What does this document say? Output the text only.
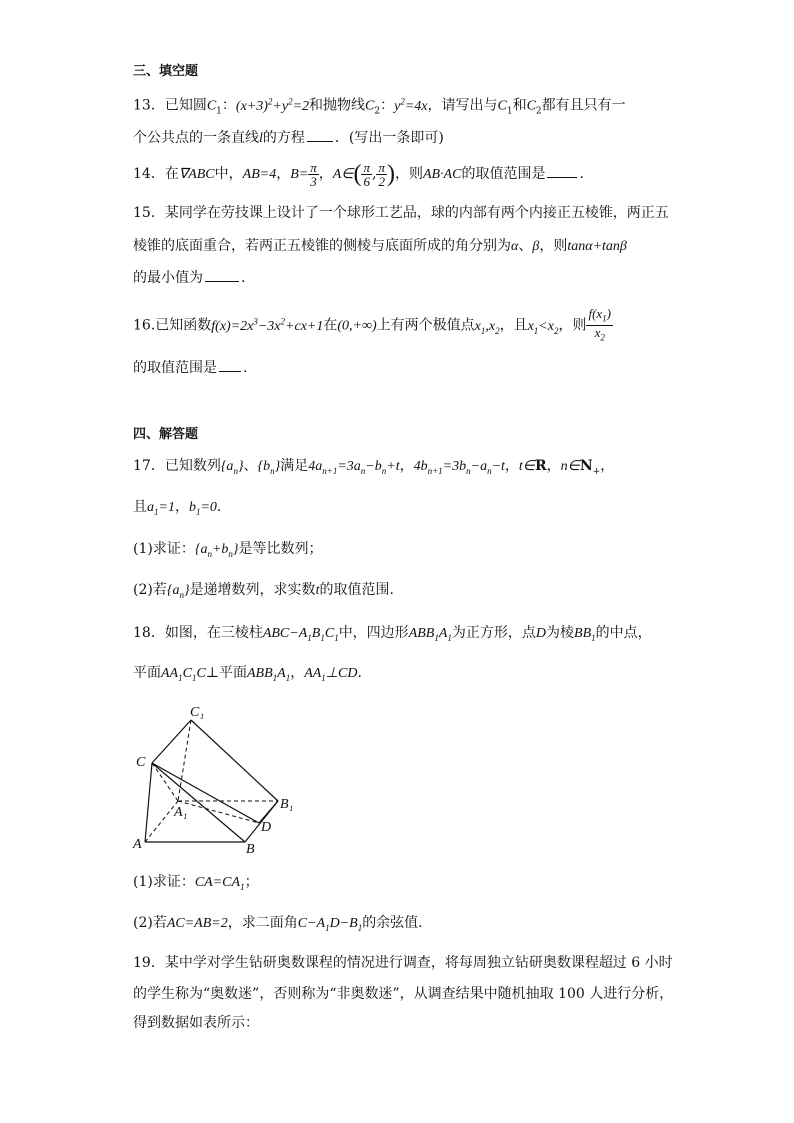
三、填空题
13．已知圆$C_1$：$(x+3)^2+y^2=2$和抛物线$C_2$：$y^2=4x$，请写出与$C_1$和$C_2$都有且只有一
个公共点的一条直线l的方程 ．(写出一条即可)
14．在∇ABC中，AB=4，$B= \frac{\pi}{3}$ ，A∈( $\frac{\pi}{6}$ , $\frac{\pi}{2}$ )，则AB·AC的取值范围是 .
15．某同学在劳技课上设计了一个球形工艺品，球的内部有两个内接正五棱锥，两正五
棱锥的底面重合，若两正五棱锥的侧棱与底面所成的角分别为α、β，则tanα+tanβ
的最小值为	.
16.已知函数$f(x)=2x^3-3x^2+cx+1$在(0,+∞)上有两个极值点$x_1,x_2$，且$x_1<x_2$，则 $\frac{f(x_1)}{x_2}$
的取值范围是 .
四、解答题
17．已知数列$\{a_n\}$、$\{b_n\}$满足$4a_{n+1}=3a_n-b_n+t$，$4b_{n+1}=3b_n-a_n-t$，t∈R，$n\in N_+$，
且$a_1=1$，$b_1=0$.
(1)求证：$\{a_n+b_n\}$是等比数列；
(2)若$\{a_n\}$是递增数列，求实数t的取值范围.
18．如图，在三棱柱$ABC-A_1B_1C_1$中，四边形$ABB_1A_1$为正方形，点D为棱$BB_1$的中点，
平面$AA_1C_1C\perp$平面$ABB_1A_1$，$AA_1\perp CD$.
C₁
C
A₁
B₁
D
A	B
(1)求证：$CA=CA_1$；
(2)若AC=AB=2，求二面角$C-A_1D-B_1$的余弦值.
19．某中学对学生钻研奥数课程的情况进行调查，将每周独立钻研奥数课程超过 6 小时
的学生称为“奥数迷”，否则称为“非奥数迷”，从调查结果中随机抽取 100 人进行分析，
得到数据如表所示：
